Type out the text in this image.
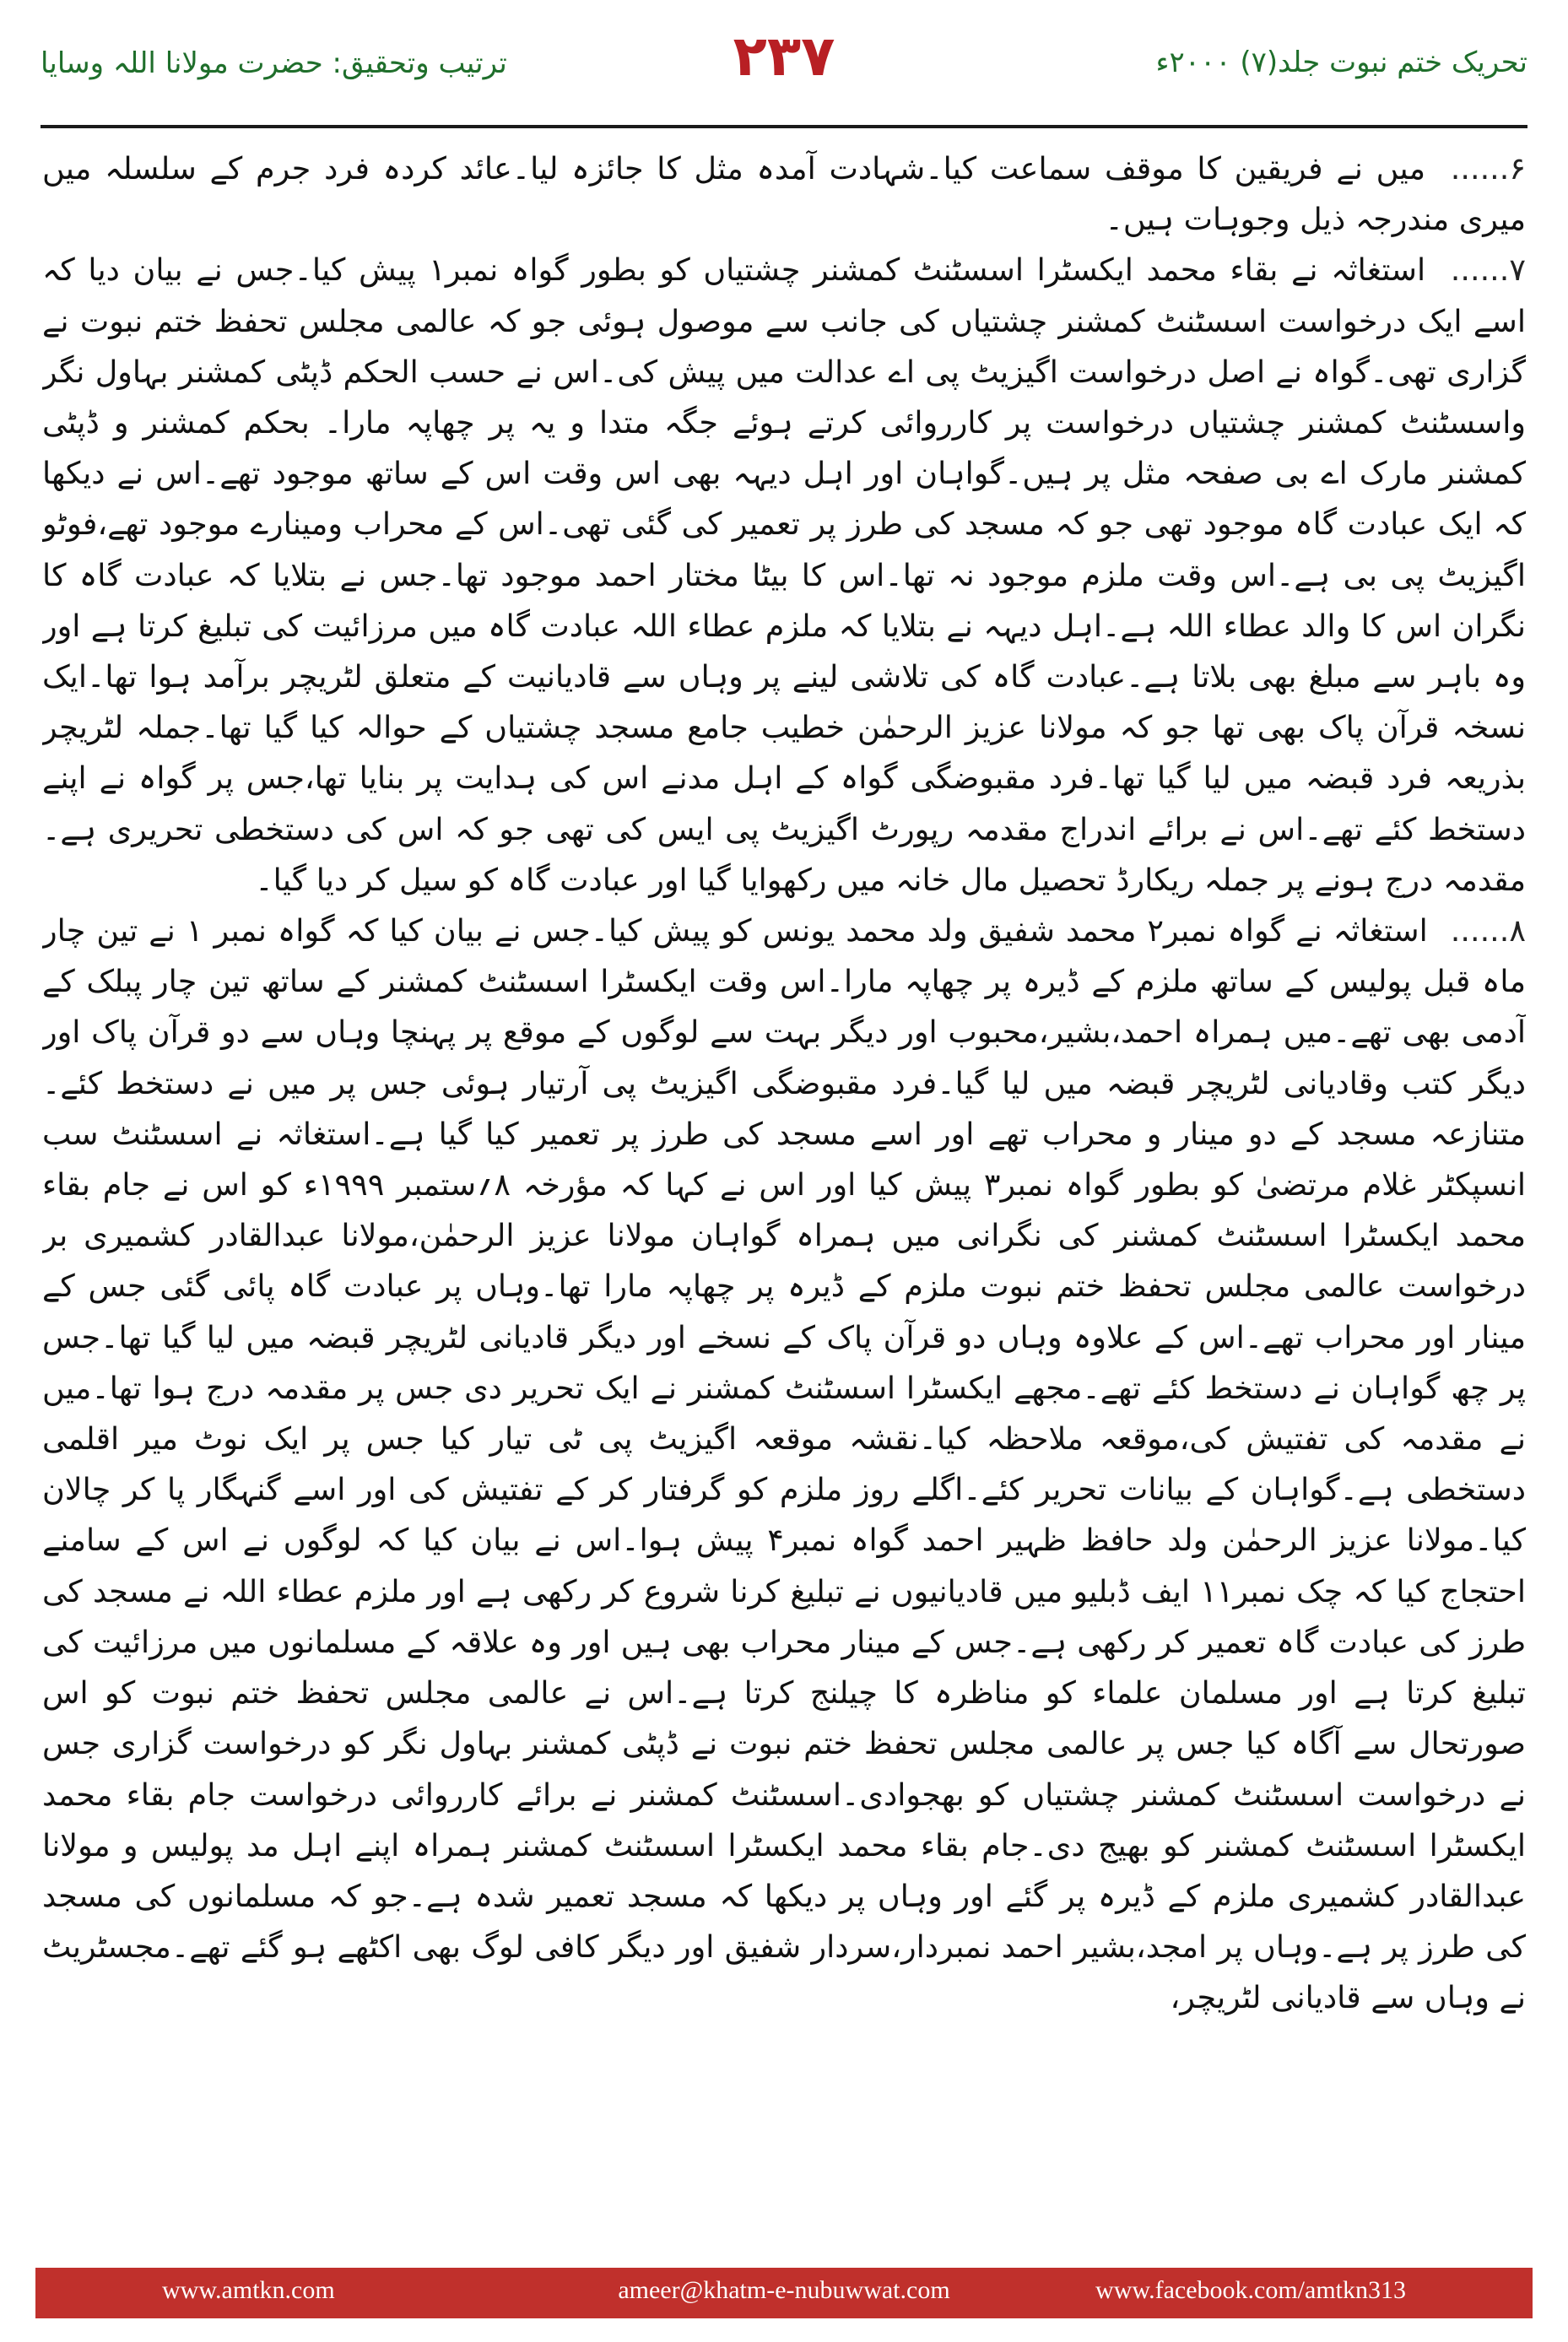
ترتیب وتحقیق: حضرت مولانا اللہ وسایا	۲۳۷	تحریک ختم نبوت جلد(۷) ۲۰۰۰ء

۶...... میں نے فریقین کا موقف سماعت کیا۔شہادت آمدہ مثل کا جائزہ لیا۔عائد کردہ فرد جرم کے سلسلہ میں میری مندرجہ ذیل وجوہات ہیں۔

۷...... استغاثہ نے بقاء محمد ایکسٹرا اسسٹنٹ کمشنر چشتیاں کو بطور گواہ نمبر۱ پیش کیا۔جس نے بیان دیا کہ اسے ایک درخواست اسسٹنٹ کمشنر چشتیاں کی جانب سے موصول ہوئی جو کہ عالمی مجلس تحفظ ختم نبوت نے گزاری تھی۔گواہ نے اصل درخواست اگیزیٹ پی اے عدالت میں پیش کی۔اس نے حسب الحکم ڈپٹی کمشنر بہاول نگر واسسٹنٹ کمشنر چشتیاں درخواست پر کارروائی کرتے ہوئے جگہ متدا و یہ پر چھاپہ مارا۔ بحکم کمشنر و ڈپٹی کمشنر مارک اے بی صفحہ مثل پر ہیں۔گواہان اور اہل دیہہ بھی اس وقت اس کے ساتھ موجود تھے۔اس نے دیکھا کہ ایک عبادت گاہ موجود تھی جو کہ مسجد کی طرز پر تعمیر کی گئی تھی۔اس کے محراب ومینارے موجود تھے،فوٹو اگیزیٹ پی بی ہے۔اس وقت ملزم موجود نہ تھا۔اس کا بیٹا مختار احمد موجود تھا۔جس نے بتلایا کہ عبادت گاہ کا نگران اس کا والد عطاء اللہ ہے۔اہل دیہہ نے بتلایا کہ ملزم عطاء اللہ عبادت گاہ میں مرزائیت کی تبلیغ کرتا ہے اور وہ باہر سے مبلغ بھی بلاتا ہے۔عبادت گاہ کی تلاشی لینے پر وہاں سے قادیانیت کے متعلق لٹریچر برآمد ہوا تھا۔ایک نسخہ قرآن پاک بھی تھا جو کہ مولانا عزیز الرحمٰن خطیب جامع مسجد چشتیاں کے حوالہ کیا گیا تھا۔جملہ لٹریچر بذریعہ فرد قبضہ میں لیا گیا تھا۔فرد مقبوضگی گواہ کے اہل مدنے اس کی ہدایت پر بنایا تھا،جس پر گواہ نے اپنے دستخط کئے تھے۔اس نے برائے اندراج مقدمہ رپورٹ اگیزیٹ پی ایس کی تھی جو کہ اس کی دستخطی تحریری ہے۔مقدمہ درج ہونے پر جملہ ریکارڈ تحصیل مال خانہ میں رکھوایا گیا اور عبادت گاہ کو سیل کر دیا گیا۔

۸...... استغاثہ نے گواہ نمبر۲ محمد شفیق ولد محمد یونس کو پیش کیا۔جس نے بیان کیا کہ گواہ نمبر ۱ نے تین چار ماہ قبل پولیس کے ساتھ ملزم کے ڈیرہ پر چھاپہ مارا۔اس وقت ایکسٹرا اسسٹنٹ کمشنر کے ساتھ تین چار پبلک کے آدمی بھی تھے۔میں ہمراہ احمد،بشیر،محبوب اور دیگر بہت سے لوگوں کے موقع پر پہنچا وہاں سے دو قرآن پاک اور دیگر کتب وقادیانی لٹریچر قبضہ میں لیا گیا۔فرد مقبوضگی اگیزیٹ پی آرتیار ہوئی جس پر میں نے دستخط کئے۔متنازعہ مسجد کے دو مینار و محراب تھے اور اسے مسجد کی طرز پر تعمیر کیا گیا ہے۔استغاثہ نے اسسٹنٹ سب انسپکٹر غلام مرتضیٰ کو بطور گواہ نمبر۳ پیش کیا اور اس نے کہا کہ مؤرخہ ۸؍ستمبر ۱۹۹۹ء کو اس نے جام بقاء محمد ایکسٹرا اسسٹنٹ کمشنر کی نگرانی میں ہمراہ گواہان مولانا عزیز الرحمٰن،مولانا عبدالقادر کشمیری بر درخواست عالمی مجلس تحفظ ختم نبوت ملزم کے ڈیرہ پر چھاپہ مارا تھا۔وہاں پر عبادت گاہ پائی گئی جس کے مینار اور محراب تھے۔اس کے علاوہ وہاں دو قرآن پاک کے نسخے اور دیگر قادیانی لٹریچر قبضہ میں لیا گیا تھا۔جس پر چھ گواہان نے دستخط کئے تھے۔مجھے ایکسٹرا اسسٹنٹ کمشنر نے ایک تحریر دی جس پر مقدمہ درج ہوا تھا۔میں نے مقدمہ کی تفتیش کی،موقعہ ملاحظہ کیا۔نقشہ موقعہ اگیزیٹ پی ٹی تیار کیا جس پر ایک نوٹ میر اقلمی دستخطی ہے۔گواہان کے بیانات تحریر کئے۔اگلے روز ملزم کو گرفتار کر کے تفتیش کی اور اسے گنہگار پا کر چالان کیا۔مولانا عزیز الرحمٰن ولد حافظ ظہیر احمد گواہ نمبر۴ پیش ہوا۔اس نے بیان کیا کہ لوگوں نے اس کے سامنے احتجاج کیا کہ چک نمبر۱۱ ایف ڈبلیو میں قادیانیوں نے تبلیغ کرنا شروع کر رکھی ہے اور ملزم عطاء اللہ نے مسجد کی طرز کی عبادت گاہ تعمیر کر رکھی ہے۔جس کے مینار محراب بھی ہیں اور وہ علاقہ کے مسلمانوں میں مرزائیت کی تبلیغ کرتا ہے اور مسلمان علماء کو مناظرہ کا چیلنج کرتا ہے۔اس نے عالمی مجلس تحفظ ختم نبوت کو اس صورتحال سے آگاہ کیا جس پر عالمی مجلس تحفظ ختم نبوت نے ڈپٹی کمشنر بہاول نگر کو درخواست گزاری جس نے درخواست اسسٹنٹ کمشنر چشتیاں کو بھجوادی۔اسسٹنٹ کمشنر نے برائے کارروائی درخواست جام بقاء محمد ایکسٹرا اسسٹنٹ کمشنر کو بھیج دی۔جام بقاء محمد ایکسٹرا اسسٹنٹ کمشنر ہمراہ اپنے اہل مد پولیس و مولانا عبدالقادر کشمیری ملزم کے ڈیرہ پر گئے اور وہاں پر دیکھا کہ مسجد تعمیر شدہ ہے۔جو کہ مسلمانوں کی مسجد کی طرز پر ہے۔وہاں پر امجد،بشیر احمد نمبردار،سردار شفیق اور دیگر کافی لوگ بھی اکٹھے ہو گئے تھے۔مجسٹریٹ نے وہاں سے قادیانی لٹریچر،

www.amtkn.com	ameer@khatm-e-nubuwwat.com	www.facebook.com/amtkn313
